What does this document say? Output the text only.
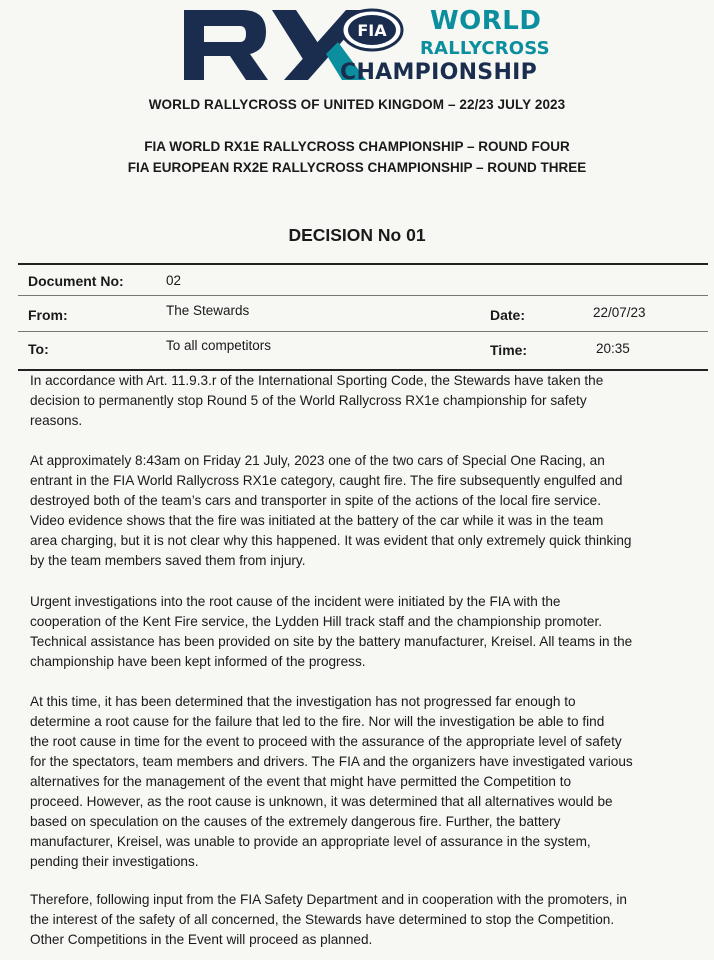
FIA WORLD
RALLYCROSS
CHAMPIONSHIP
WORLD RALLYCROSS OF UNITED KINGDOM – 22/23 JULY 2023
FIA WORLD RX1E RALLYCROSS CHAMPIONSHIP – ROUND FOUR
FIA EUROPEAN RX2E RALLYCROSS CHAMPIONSHIP – ROUND THREE
DECISION No 01
Document No:	02
From:	The Stewards	Date:	22/07/23
To:	To all competitors	Time:	20:35
In accordance with Art. 11.9.3.r of the International Sporting Code, the Stewards have taken the
decision to permanently stop Round 5 of the World Rallycross RX1e championship for safety
reasons.
At approximately 8:43am on Friday 21 July, 2023 one of the two cars of Special One Racing, an
entrant in the FIA World Rallycross RX1e category, caught fire. The fire subsequently engulfed and
destroyed both of the team’s cars and transporter in spite of the actions of the local fire service.
Video evidence shows that the fire was initiated at the battery of the car while it was in the team
area charging, but it is not clear why this happened. It was evident that only extremely quick thinking
by the team members saved them from injury.
Urgent investigations into the root cause of the incident were initiated by the FIA with the
cooperation of the Kent Fire service, the Lydden Hill track staff and the championship promoter.
Technical assistance has been provided on site by the battery manufacturer, Kreisel. All teams in the
championship have been kept informed of the progress.
At this time, it has been determined that the investigation has not progressed far enough to
determine a root cause for the failure that led to the fire. Nor will the investigation be able to find
the root cause in time for the event to proceed with the assurance of the appropriate level of safety
for the spectators, team members and drivers. The FIA and the organizers have investigated various
alternatives for the management of the event that might have permitted the Competition to
proceed. However, as the root cause is unknown, it was determined that all alternatives would be
based on speculation on the causes of the extremely dangerous fire. Further, the battery
manufacturer, Kreisel, was unable to provide an appropriate level of assurance in the system,
pending their investigations.
Therefore, following input from the FIA Safety Department and in cooperation with the promoters, in
the interest of the safety of all concerned, the Stewards have determined to stop the Competition.
Other Competitions in the Event will proceed as planned.
